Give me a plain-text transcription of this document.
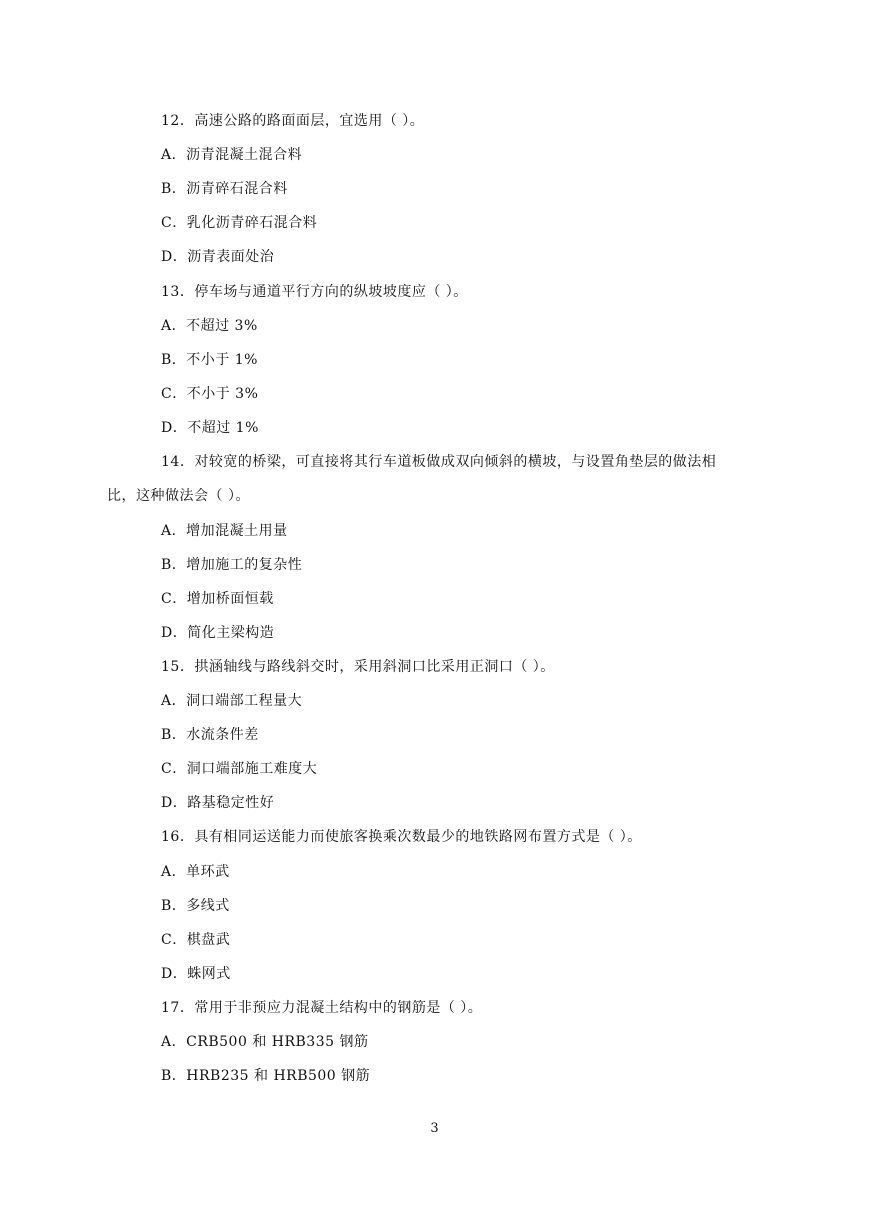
12．高速公路的路面面层，宜选用（ ）。
A．沥青混凝土混合料
B．沥青碎石混合料
C．乳化沥青碎石混合料
D．沥青表面处治
13．停车场与通道平行方向的纵坡坡度应（ ）。
A．不超过 3%
B．不小于 1%
C．不小于 3%
D．不超过 1%
14．对较宽的桥梁，可直接将其行车道板做成双向倾斜的横坡，与设置角垫层的做法相
比，这种做法会（ ）。
A．增加混凝土用量
B．增加施工的复杂性
C．增加桥面恒载
D．简化主梁构造
15．拱涵轴线与路线斜交时，采用斜洞口比采用正洞口（ ）。
A．洞口端部工程量大
B．水流条件差
C．洞口端部施工难度大
D．路基稳定性好
16．具有相同运送能力而使旅客换乘次数最少的地铁路网布置方式是（ ）。
A．单环武
B．多线式
C．棋盘武
D．蛛网式
17．常用于非预应力混凝土结构中的钢筋是（ ）。
A．CRB500 和 HRB335 钢筋
B．HRB235 和 HRB500 钢筋
3
